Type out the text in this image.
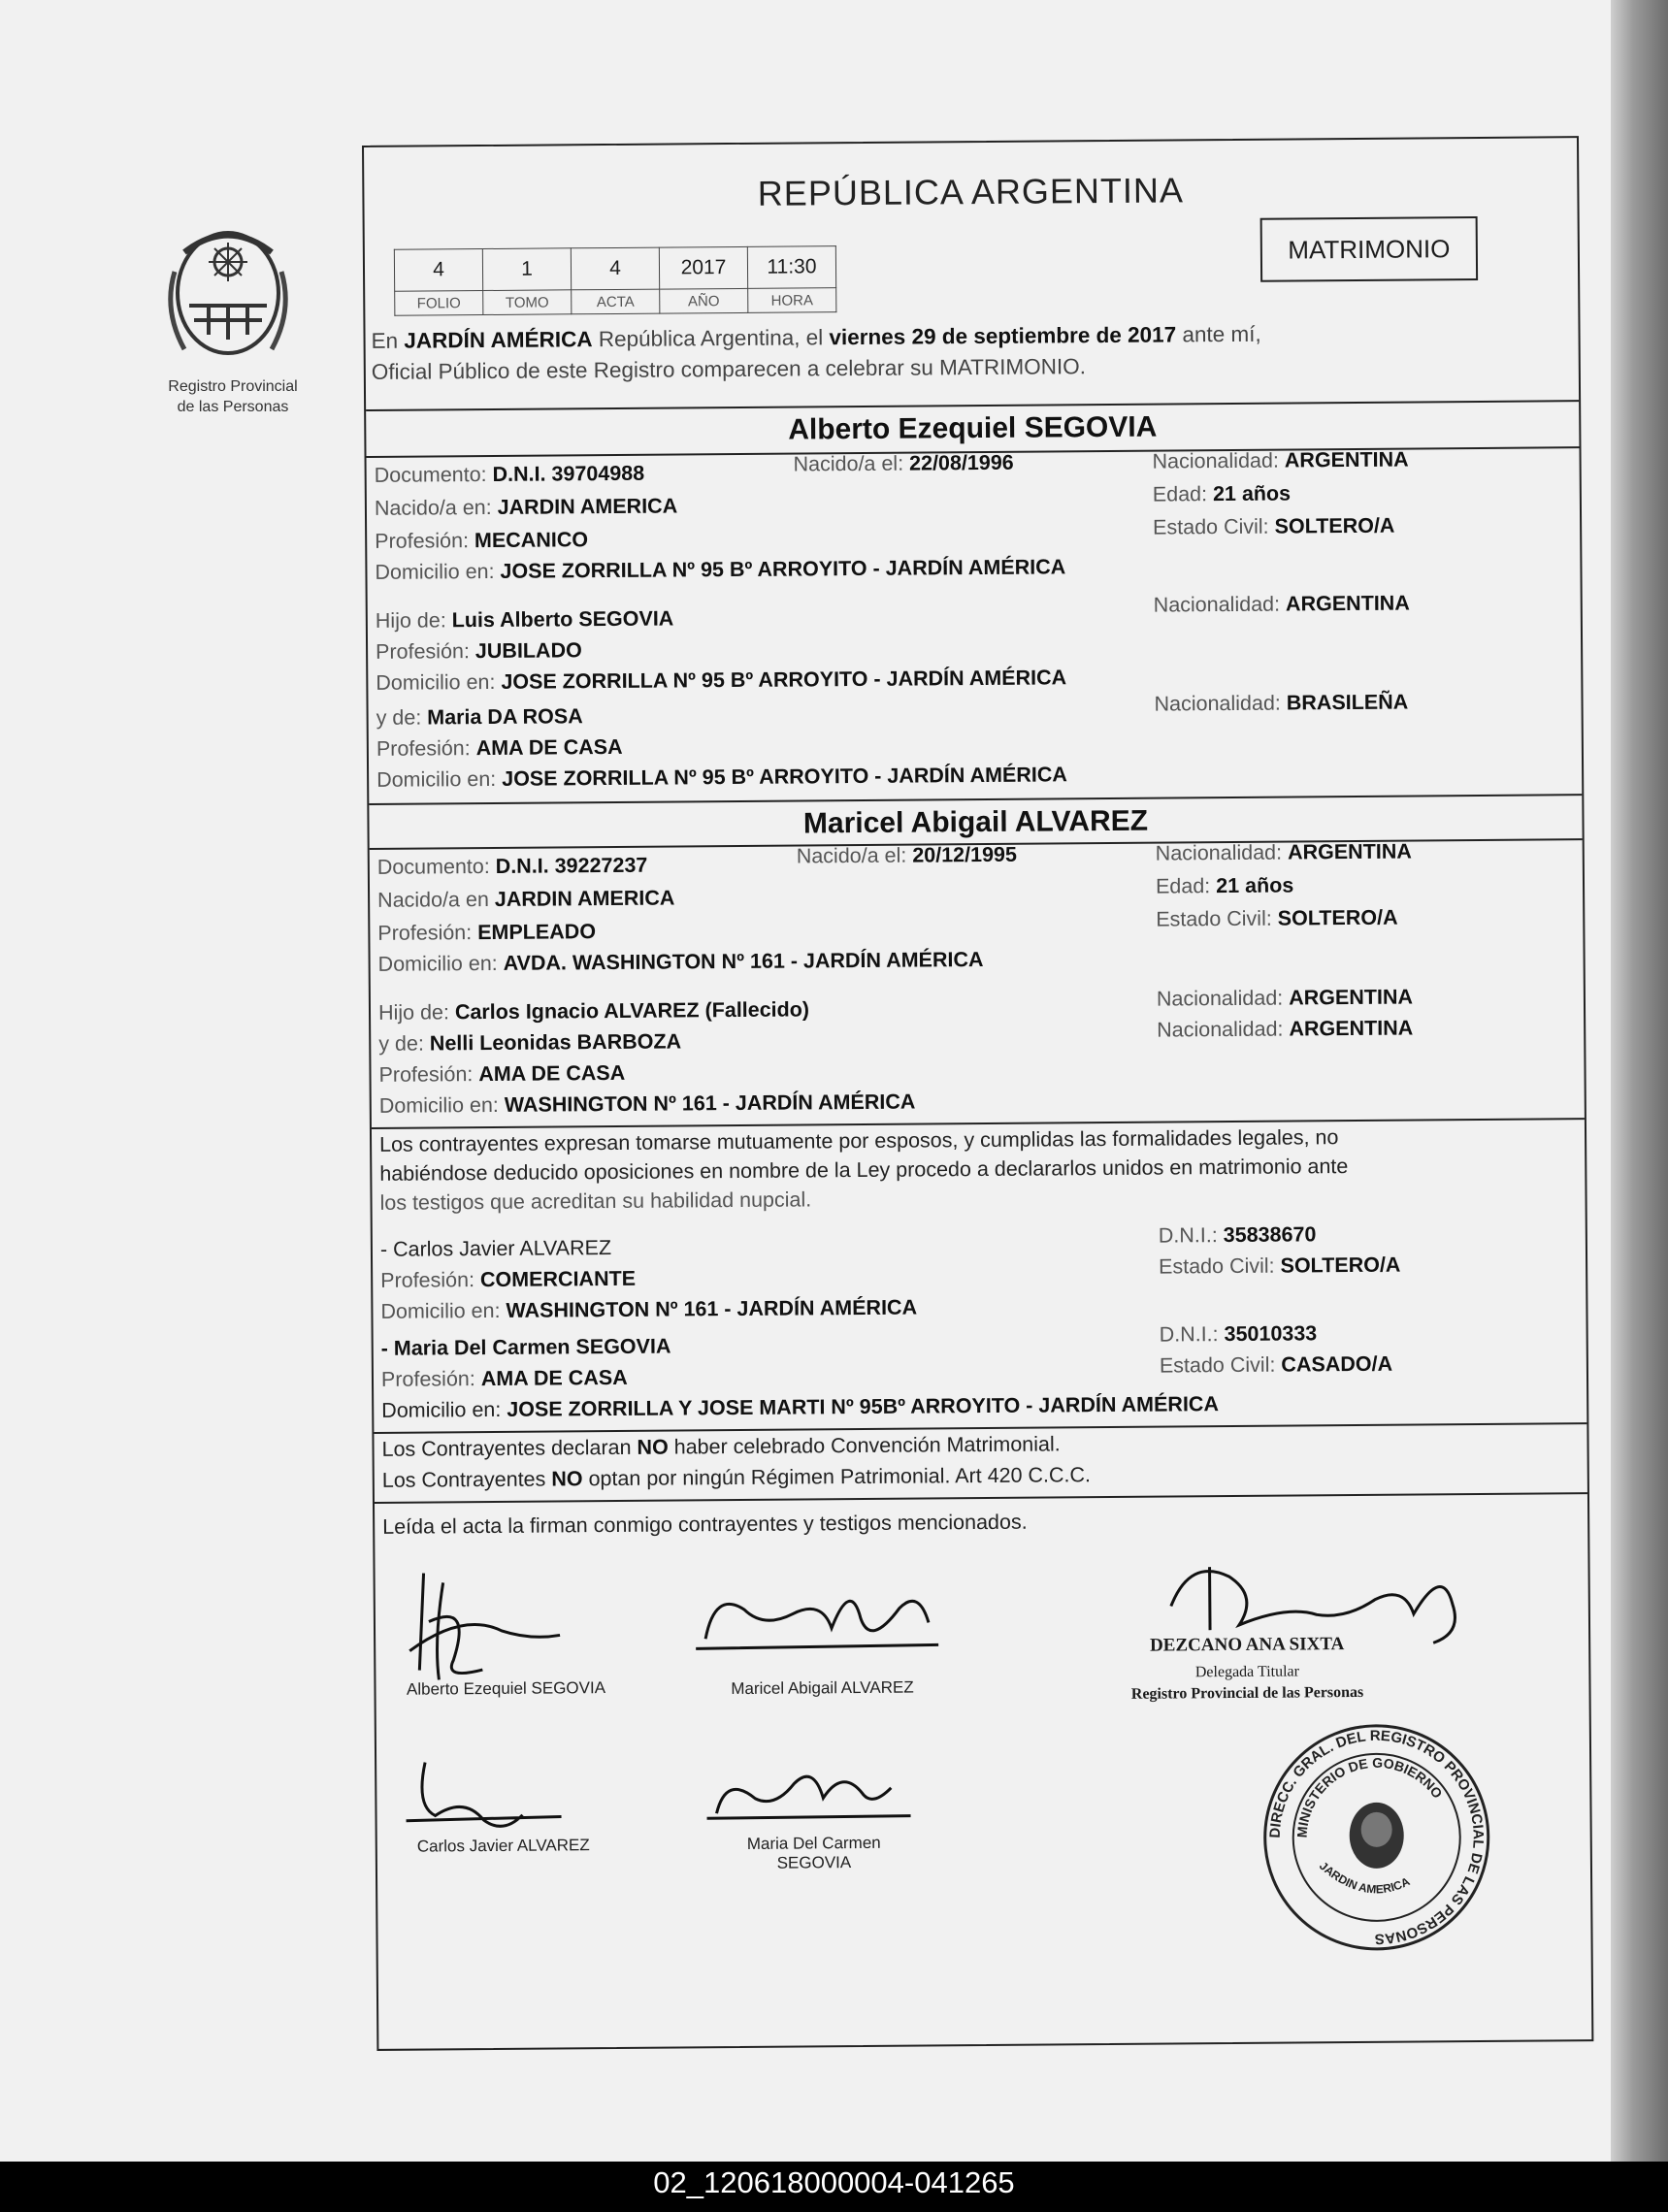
Registro Provincial
de las Personas
REPÚBLICA ARGENTINA
MATRIMONIO
4	1	4	2017	11:30
FOLIO	TOMO	ACTA	AÑO	HORA
En JARDÍN AMÉRICA República Argentina, el viernes 29 de septiembre de 2017 ante mí,
Oficial Público de este Registro comparecen a celebrar su MATRIMONIO.
Alberto Ezequiel SEGOVIA
Documento: D.N.I. 39704988	Nacido/a el: 22/08/1996	Nacionalidad: ARGENTINA
Nacido/a en: JARDIN AMERICA
Edad: 21 años
Profesión: MECANICO
Estado Civil: SOLTERO/A
Domicilio en: JOSE ZORRILLA Nº 95 Bº ARROYITO - JARDÍN AMÉRICA
Hijo de: Luis Alberto SEGOVIA
Nacionalidad: ARGENTINA
Profesión: JUBILADO
Domicilio en: JOSE ZORRILLA Nº 95 Bº ARROYITO - JARDÍN AMÉRICA
y de: Maria DA ROSA
Nacionalidad: BRASILEÑA
Profesión: AMA DE CASA
Domicilio en: JOSE ZORRILLA Nº 95 Bº ARROYITO - JARDÍN AMÉRICA
Maricel Abigail ALVAREZ
Documento: D.N.I. 39227237	Nacido/a el: 20/12/1995	Nacionalidad: ARGENTINA
Nacido/a en JARDIN AMERICA
Edad: 21 años
Profesión: EMPLEADO
Estado Civil: SOLTERO/A
Domicilio en: AVDA. WASHINGTON Nº 161 - JARDÍN AMÉRICA
Hijo de: Carlos Ignacio ALVAREZ (Fallecido)	Nacionalidad: ARGENTINA
y de: Nelli Leonidas BARBOZA
Nacionalidad: ARGENTINA
Profesión: AMA DE CASA
Domicilio en: WASHINGTON Nº 161 - JARDÍN AMÉRICA
Los contrayentes expresan tomarse mutuamente por esposos, y cumplidas las formalidades legales, no
habiéndose deducido oposiciones en nombre de la Ley procedo a declararlos unidos en matrimonio ante
los testigos que acreditan su habilidad nupcial.
- Carlos Javier ALVAREZ
D.N.I.: 35838670
Profesión: COMERCIANTE
Estado Civil: SOLTERO/A
Domicilio en: WASHINGTON Nº 161 - JARDÍN AMÉRICA
- Maria Del Carmen SEGOVIA
D.N.I.: 35010333
Profesión: AMA DE CASA
Estado Civil: CASADO/A
Domicilio en: JOSE ZORRILLA Y JOSE MARTI Nº 95Bº ARROYITO - JARDÍN AMÉRICA
Los Contrayentes declaran NO haber celebrado Convención Matrimonial.
Los Contrayentes NO optan por ningún Régimen Patrimonial. Art 420 C.C.C.
Leída el acta la firman conmigo contrayentes y testigos mencionados.
Alberto Ezequiel SEGOVIA	Maricel Abigail ALVAREZ
DEZCANO ANA SIXTA
Delegada Titular
Registro Provincial de las Personas
Carlos Javier ALVAREZ	Maria Del Carmen
SEGOVIA
DIRECC. GRAL. DEL REGISTRO PROVINCIAL DE LAS PERSONAS
MINISTERIO DE GOBIERNO
JARDIN AMERICA
02_120618000004-041265
